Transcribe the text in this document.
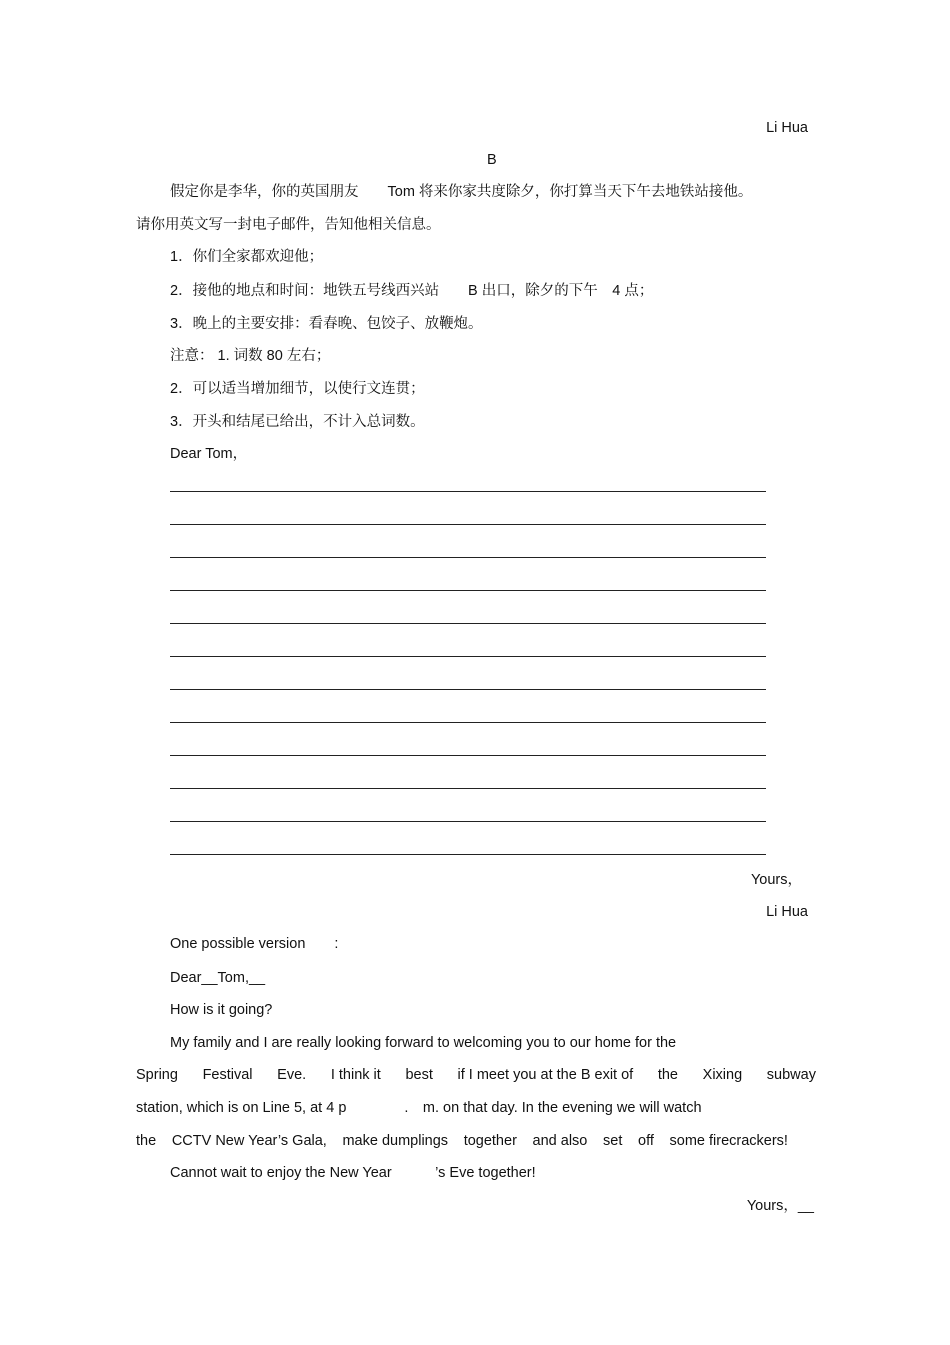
Li Hua
B
假定你是李华，你的英国朋友　　Tom 将来你家共度除夕，你打算当天下午去地铁站接他。
请你用英文写一封电子邮件，告知他相关信息。
1．你们全家都欢迎他；
2．接他的地点和时间：地铁五号线西兴站　　B 出口，除夕的下午　4 点；
3．晚上的主要安排：看春晚、包饺子、放鞭炮。
注意： 1. 词数 80 左右；
2．可以适当增加细节，以使行文连贯；
3．开头和结尾已给出，不计入总词数。
Dear Tom，
Yours，
Li Hua
One possible version　　:
Dear__Tom,__
How is it going?
My family and I are really looking forward to welcoming you to our home for the
Spring Festival Eve. I think it best if I meet you at the B exit of the Xixing subway
station, which is on Line 5, at 4 p　　　　.　m. on that day. In the evening we will watch
the CCTV New Year’s Gala, make dumplings together and also set off some firecrackers!
Cannot wait to enjoy the New Year　　　’s Eve together!
Yours，__
